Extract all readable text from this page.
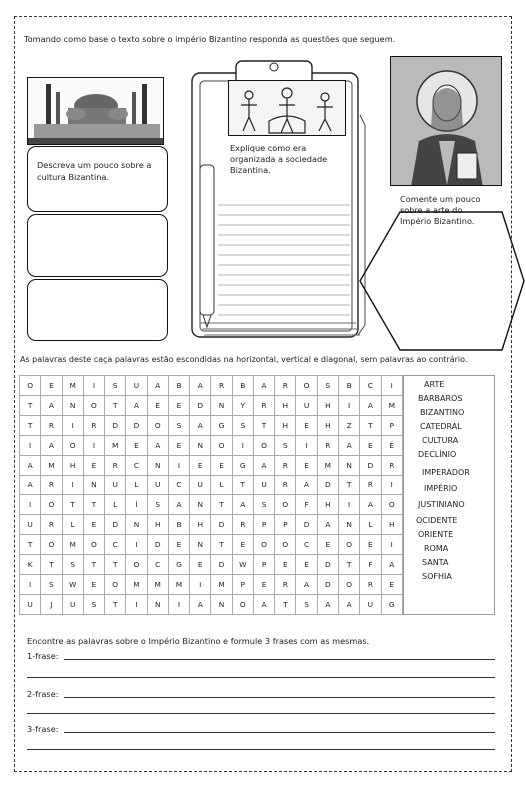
Tomando como base o texto sobre o império Bizantino responda as questões que seguem.
Descreva um pouco sobre a
cultura Bizantina.
Explique como era
organizada a sociedade
Bizantina.
Comente um pouco
sobre a arte do
Império Bizantino.
As palavras deste caça palavras estão escondidas na horizontal, vertical e diagonal, sem palavras ao contrário.
O	E	M	I	S	U	A	B	A	R	B	A	R	O	S	B	C	I
T	A	N	O	T	A	E	E	D	N	Y	R	H	U	H	I	A	M
T	R	I	R	D	D	O	S	A	G	S	T	H	E	H	Z	T	P
I	A	O	I	M	E	A	E	N	O	I	O	S	I	R	A	E	É
A	M	H	E	R	C	N	I	E	E	G	A	R	E	M	N	D	R
A	R	I	N	U	L	U	C	U	L	T	U	R	A	D	T	R	I
I	O	T	T	L	Í	S	A	N	T	A	S	O	F	H	I	A	O
U	R	L	E	D	N	H	B	H	D	R	P	P	D	A	N	L	H
T	O	M	O	C	I	D	E	N	T	E	O	O	C	E	O	E	I
K	T	S	T	T	O	C	G	E	D	W	P	E	E	D	T	F	A
I	S	W	E	O	M	M	M	I	M	P	E	R	A	D	O	R	E
U	J	U	S	T	I	N	I	A	N	O	A	T	S	A	A	U	G
ARTE
BARBAROS
BIZANTINO
CATEDRAL
CULTURA
DECLÍNIO
IMPERADOR
IMPÉRIO
JUSTINIANO
OCIDENTE
ORIENTE
ROMA
SANTA
SOFHIA
Encontre as palavras sobre o Império Bizantino e formule 3 frases com as mesmas.
1-frase:
2-frase:
3-frase:
